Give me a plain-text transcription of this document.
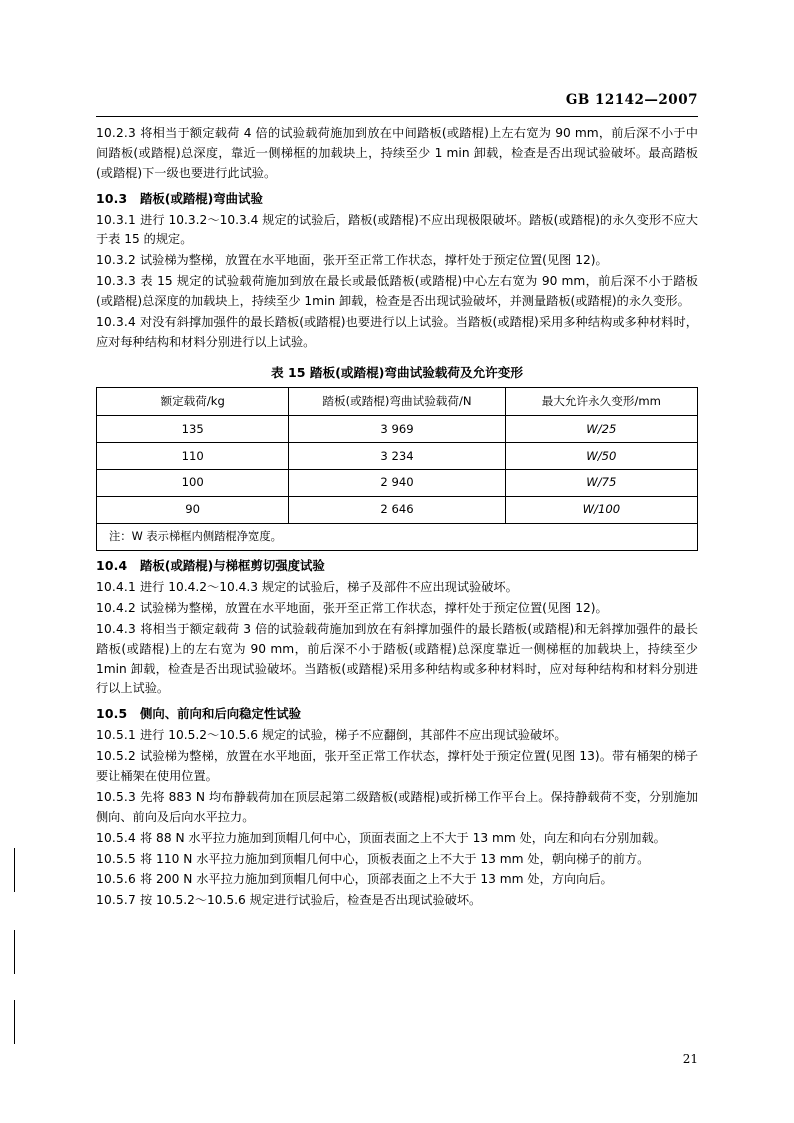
GB 12142—2007

10.2.3 将相当于额定载荷 4 倍的试验载荷施加到放在中间踏板(或踏棍)上左右宽为 90 mm，前后深不小于中间踏板(或踏棍)总深度，靠近一侧梯框的加载块上，持续至少 1 min 卸载，检查是否出现试验破坏。最高踏板(或踏棍)下一级也要进行此试验。

10.3 踏板(或踏棍)弯曲试验

10.3.1 进行 10.3.2～10.3.4 规定的试验后，踏板(或踏棍)不应出现极限破坏。踏板(或踏棍)的永久变形不应大于表 15 的规定。

10.3.2 试验梯为整梯，放置在水平地面，张开至正常工作状态，撑杆处于预定位置(见图 12)。

10.3.3 表 15 规定的试验载荷施加到放在最长或最低踏板(或踏棍)中心左右宽为 90 mm，前后深不小于踏板(或踏棍)总深度的加载块上，持续至少 1min 卸载，检查是否出现试验破坏，并测量踏板(或踏棍)的永久变形。

10.3.4 对没有斜撑加强件的最长踏板(或踏棍)也要进行以上试验。当踏板(或踏棍)采用多种结构或多种材料时，应对每种结构和材料分别进行以上试验。

表 15 踏板(或踏棍)弯曲试验载荷及允许变形
额定载荷/kg	踏板(或踏棍)弯曲试验载荷/N	最大允许永久变形/mm
135	3 969	W/25
110	3 234	W/50
100	2 940	W/75
90	2 646	W/100
注：W 表示梯框内侧踏棍净宽度。		
10.4 踏板(或踏棍)与梯框剪切强度试验

10.4.1 进行 10.4.2～10.4.3 规定的试验后，梯子及部件不应出现试验破坏。

10.4.2 试验梯为整梯，放置在水平地面，张开至正常工作状态，撑杆处于预定位置(见图 12)。

10.4.3 将相当于额定载荷 3 倍的试验载荷施加到放在有斜撑加强件的最长踏板(或踏棍)和无斜撑加强件的最长踏板(或踏棍)上的左右宽为 90 mm，前后深不小于踏板(或踏棍)总深度靠近一侧梯框的加载块上，持续至少 1min 卸载，检查是否出现试验破坏。当踏板(或踏棍)采用多种结构或多种材料时，应对每种结构和材料分别进行以上试验。

10.5 侧向、前向和后向稳定性试验

10.5.1 进行 10.5.2～10.5.6 规定的试验，梯子不应翻倒，其部件不应出现试验破坏。

10.5.2 试验梯为整梯，放置在水平地面，张开至正常工作状态，撑杆处于预定位置(见图 13)。带有桶架的梯子要让桶架在使用位置。

10.5.3 先将 883 N 均布静载荷加在顶层起第二级踏板(或踏棍)或折梯工作平台上。保持静载荷不变，分别施加侧向、前向及后向水平拉力。

10.5.4 将 88 N 水平拉力施加到顶帽几何中心，顶面表面之上不大于 13 mm 处，向左和向右分别加载。

10.5.5 将 110 N 水平拉力施加到顶帽几何中心，顶板表面之上不大于 13 mm 处，朝向梯子的前方。

10.5.6 将 200 N 水平拉力施加到顶帽几何中心，顶部表面之上不大于 13 mm 处，方向向后。

10.5.7 按 10.5.2～10.5.6 规定进行试验后，检查是否出现试验破坏。

21
